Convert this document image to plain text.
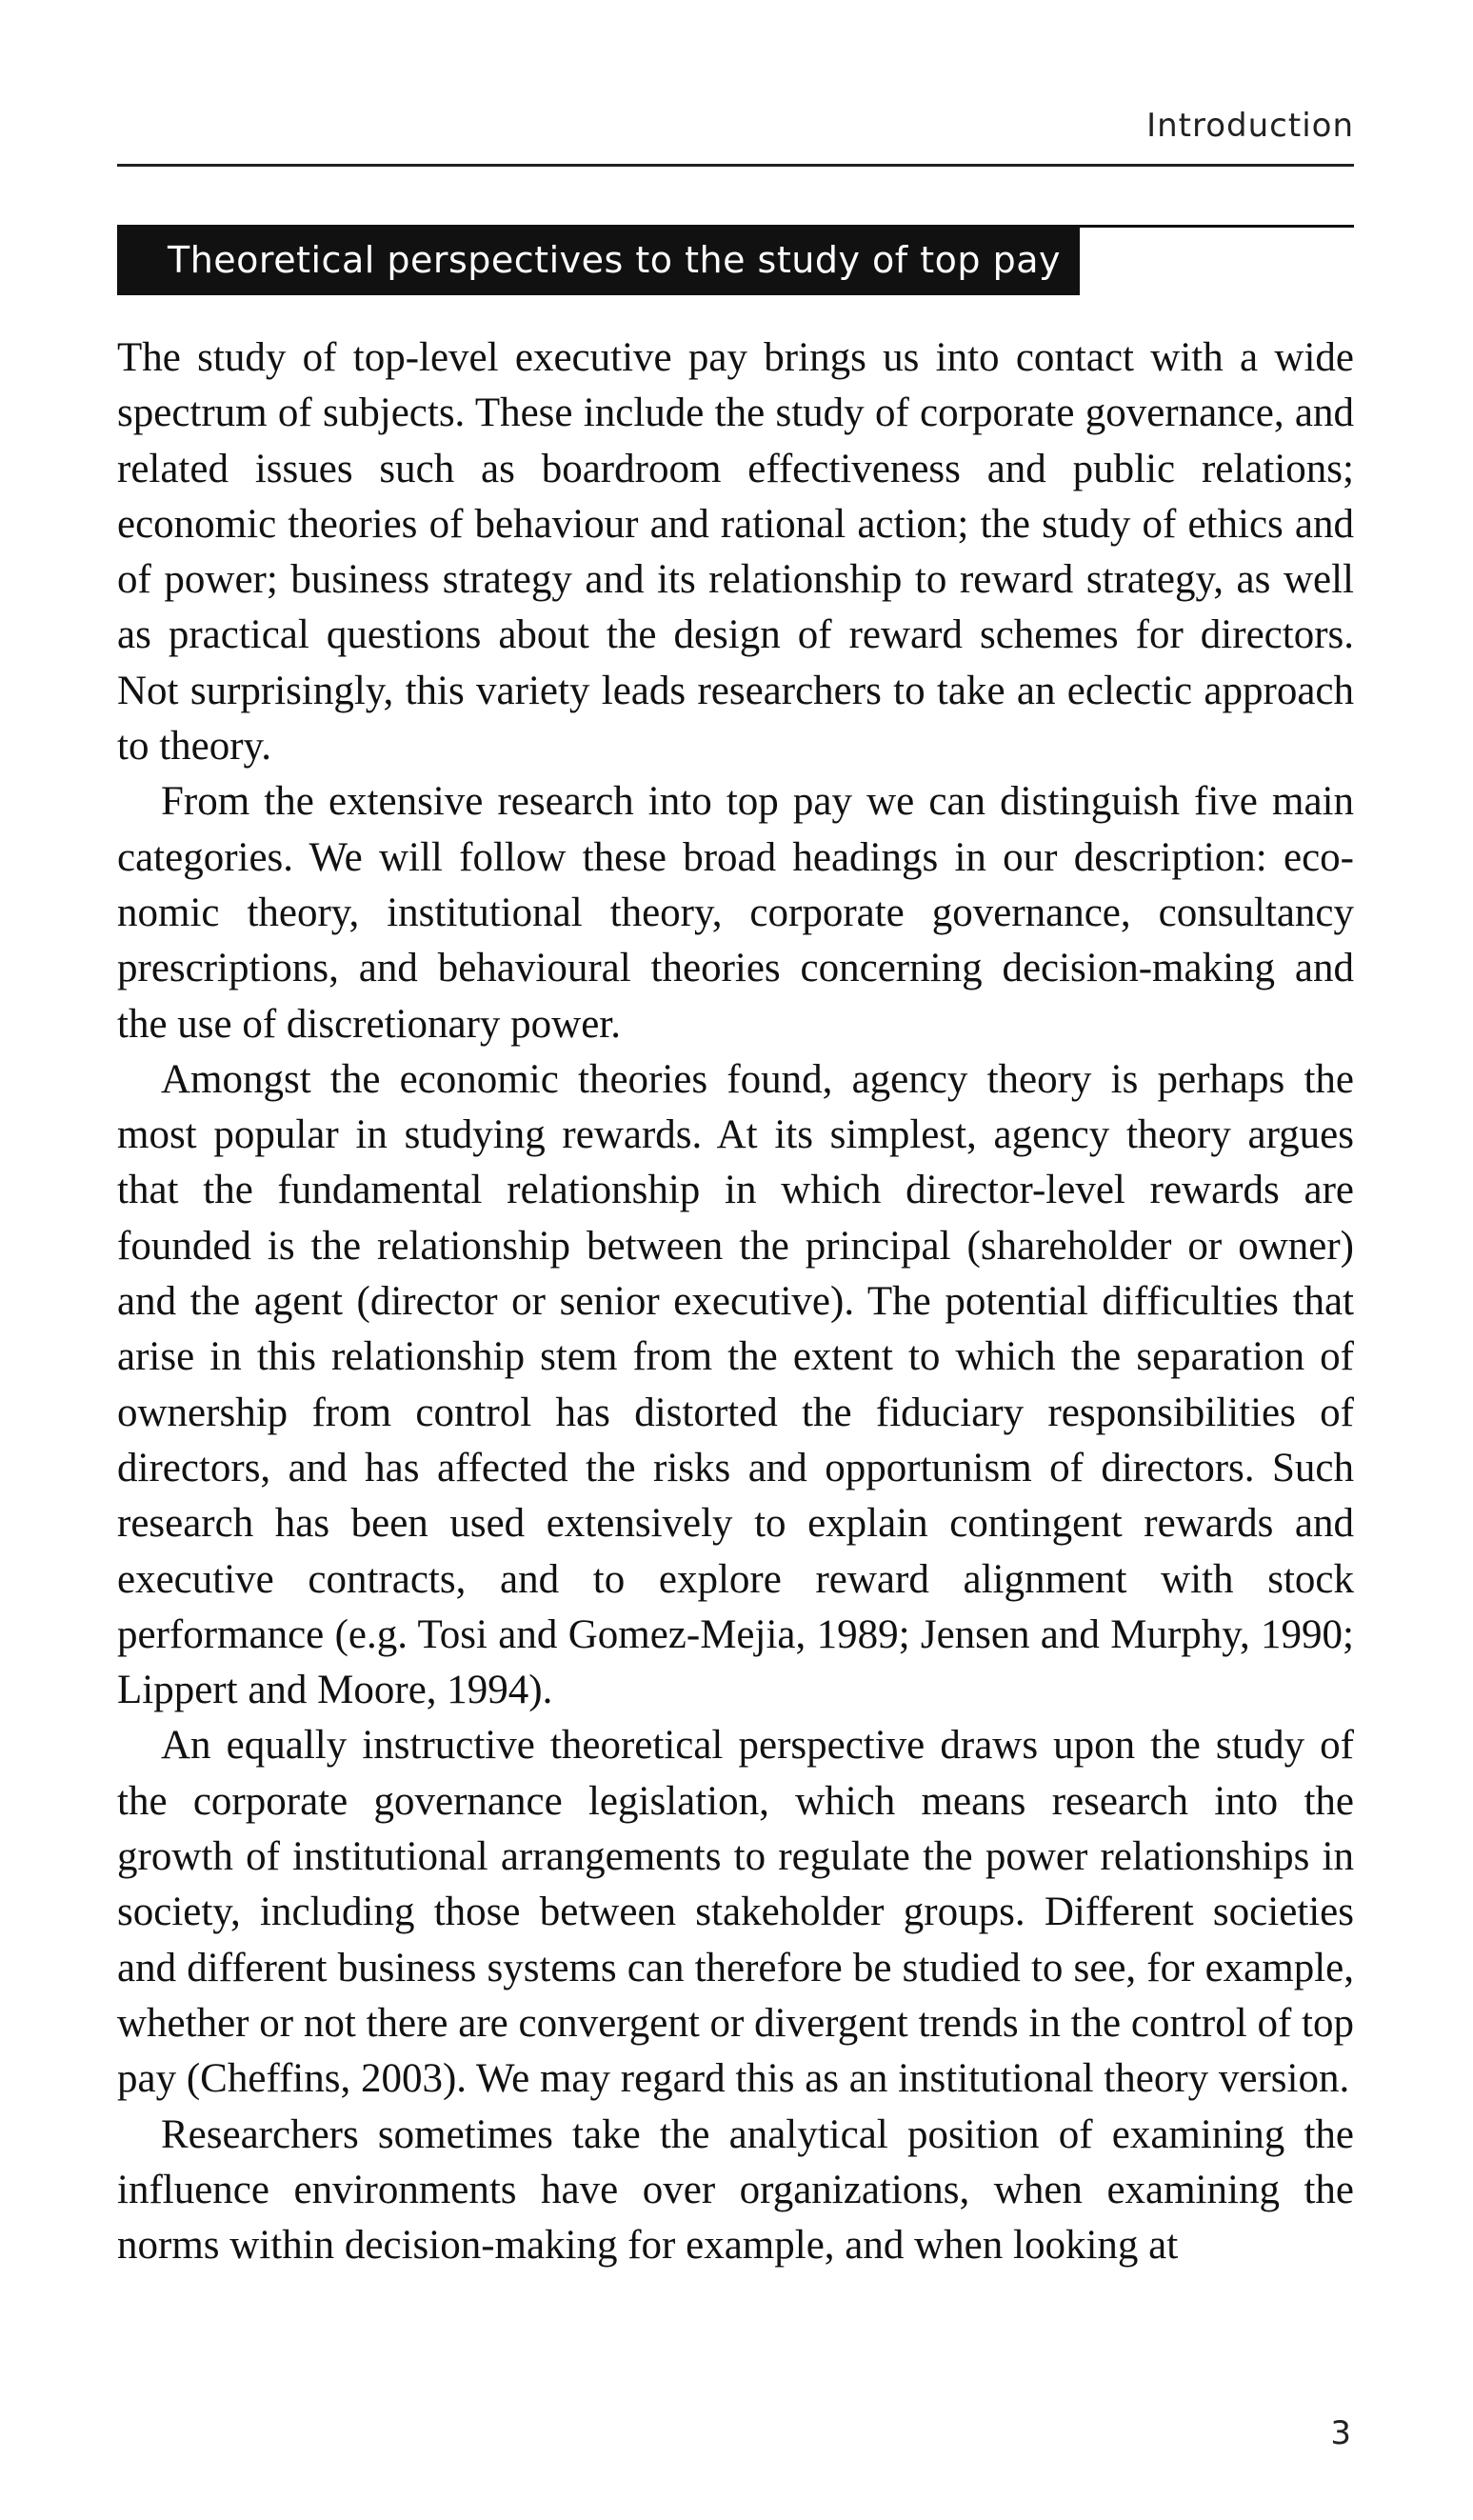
Introduction
Theoretical perspectives to the study of top pay

The study of top-level executive pay brings us into contact with a wide spectrum of subjects. These include the study of corporate governance, and related issues such as boardroom effectiveness and public relations; economic theories of behaviour and rational action; the study of ethics and of power; business strategy and its relationship to reward strategy, as well as practical questions about the design of reward schemes for directors. Not surprisingly, this variety leads researchers to take an eclectic approach to theory.

From the extensive research into top pay we can distinguish five main categories. We will follow these broad headings in our description: economic theory, institutional theory, corporate governance, consultancy prescriptions, and behavioural theories concerning decision-making and the use of discretionary power.

Amongst the economic theories found, agency theory is perhaps the most popular in studying rewards. At its simplest, agency theory argues that the fundamental relationship in which director-level rewards are founded is the relationship between the principal (shareholder or owner) and the agent (director or senior executive). The potential difficulties that arise in this relationship stem from the extent to which the separation of ownership from control has distorted the fiduciary responsibilities of directors, and has affected the risks and opportunism of directors. Such research has been used extensively to explain contingent rewards and executive contracts, and to explore reward alignment with stock performance (e.g. Tosi and Gomez-Mejia, 1989; Jensen and Murphy, 1990; Lippert and Moore, 1994).

An equally instructive theoretical perspective draws upon the study of the corporate governance legislation, which means research into the growth of institutional arrangements to regulate the power relationships in society, including those between stakeholder groups. Different societies and different business systems can therefore be studied to see, for example, whether or not there are convergent or divergent trends in the control of top pay (Cheffins, 2003). We may regard this as an institutional theory version.

Researchers sometimes take the analytical position of examining the influence environments have over organizations, when examining the norms within decision-making for example, and when looking at

3
